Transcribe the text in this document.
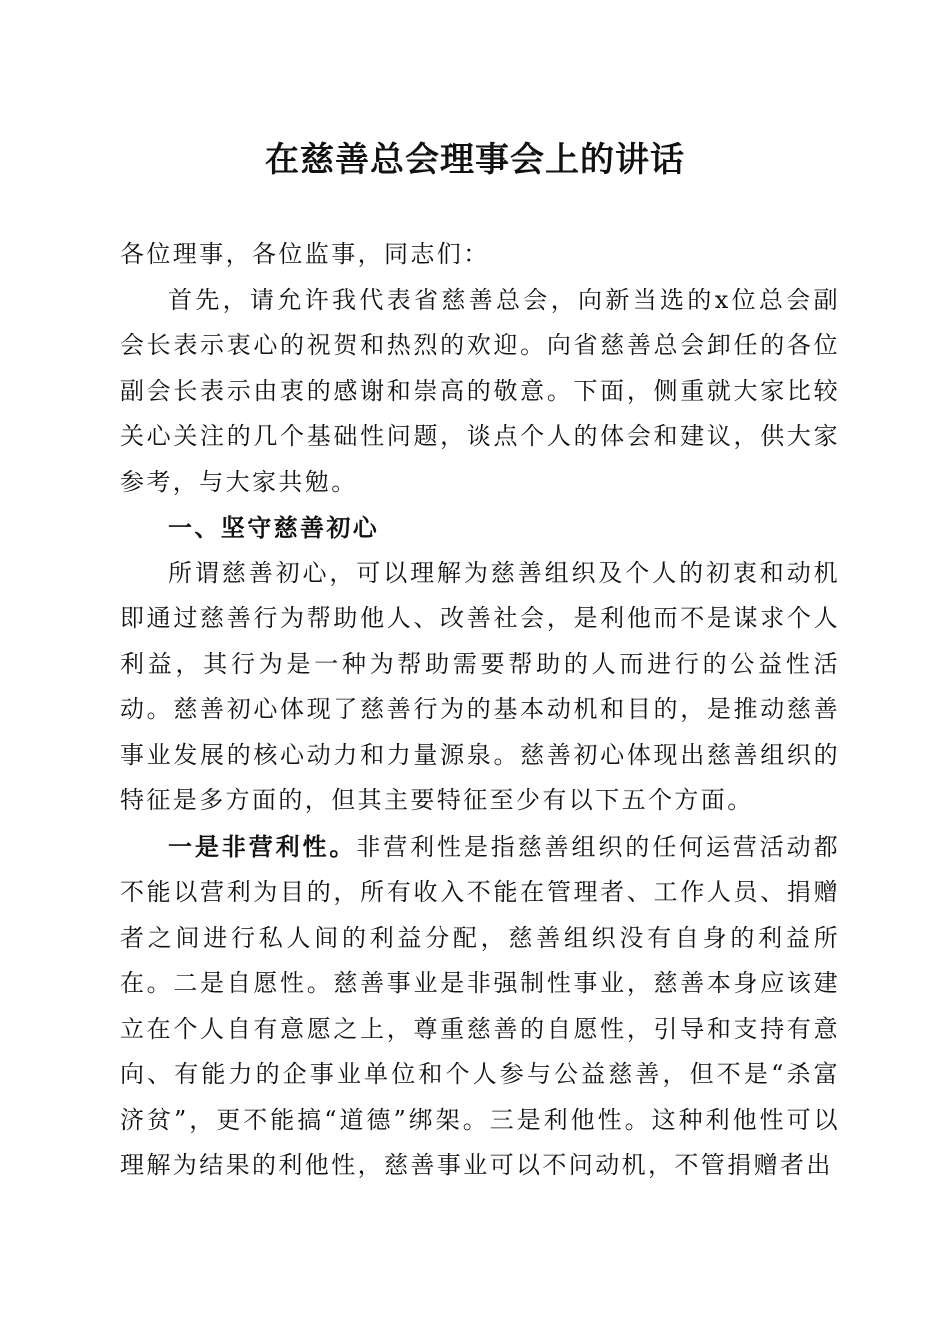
在慈善总会理事会上的讲话

各位理事，各位监事，同志们：

首先，请允许我代表省慈善总会，向新当选的x位总会副会长表示衷心的祝贺和热烈的欢迎。向省慈善总会卸任的各位副会长表示由衷的感谢和崇高的敬意。下面，侧重就大家比较关心关注的几个基础性问题，谈点个人的体会和建议，供大家参考，与大家共勉。

一、坚守慈善初心

所谓慈善初心，可以理解为慈善组织及个人的初衷和动机即通过慈善行为帮助他人、改善社会，是利他而不是谋求个人利益，其行为是一种为帮助需要帮助的人而进行的公益性活动。慈善初心体现了慈善行为的基本动机和目的，是推动慈善事业发展的核心动力和力量源泉。慈善初心体现出慈善组织的特征是多方面的，但其主要特征至少有以下五个方面。

一是非营利性。非营利性是指慈善组织的任何运营活动都不能以营利为目的，所有收入不能在管理者、工作人员、捐赠者之间进行私人间的利益分配，慈善组织没有自身的利益所在。二是自愿性。慈善事业是非强制性事业，慈善本身应该建立在个人自有意愿之上，尊重慈善的自愿性，引导和支持有意向、有能力的企事业单位和个人参与公益慈善，但不是“杀富济贫”，更不能搞“道德”绑架。三是利他性。这种利他性可以理解为结果的利他性，慈善事业可以不问动机，不管捐赠者出
